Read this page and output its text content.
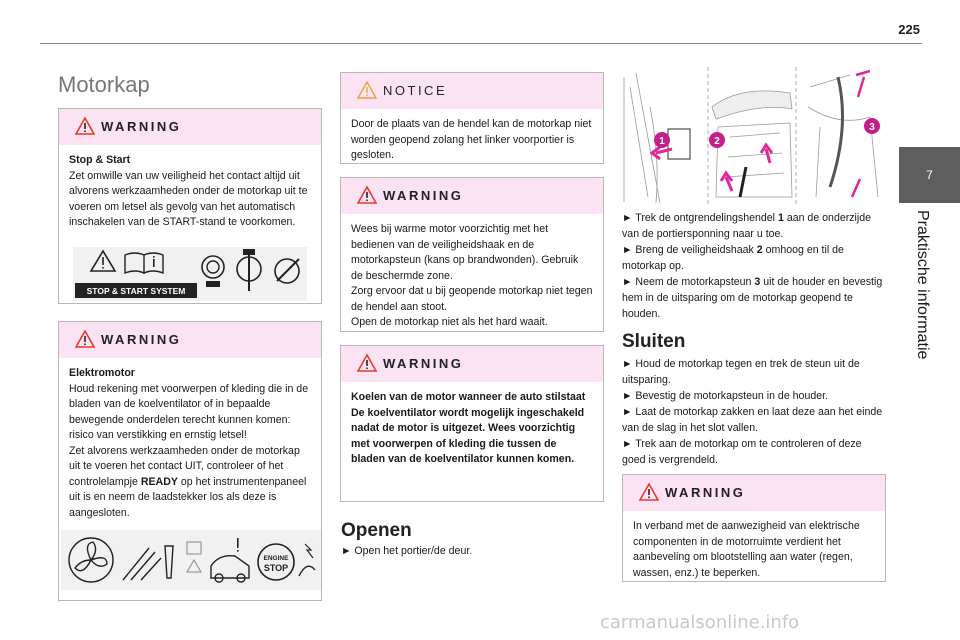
225
7
Praktische informatie
Motorkap
WARNING

Stop & Start

Zet omwille van uw veiligheid het contact altijd uit alvorens werkzaamheden onder de motorkap uit te voeren om letsel als gevolg van het automatisch inschakelen van de START-stand te voorkomen.

STOP & START SYSTEM
WARNING

Elektromotor

Houd rekening met voorwerpen of kleding die in de bladen van de koelventilator of in bepaalde bewegende onderdelen terecht kunnen komen: risico van verstikking en ernstig letsel!
Zet alvorens werkzaamheden onder de motorkap uit te voeren het contact UIT, controleer of het controlelampje READY op het instrumentenpaneel uit is en neem de laadstekker los als deze is aangesloten.

ENGINE
STOP
NOTICE

Door de plaats van de hendel kan de motorkap niet worden geopend zolang het linker voorportier is gesloten.

WARNING

Wees bij warme motor voorzichtig met het bedienen van de veiligheidshaak en de motorkapsteun (kans op brandwonden). Gebruik de beschermde zone.
Zorg ervoor dat u bij geopende motorkap niet tegen de hendel aan stoot.
Open de motorkap niet als het hard waait.

WARNING

Koelen van de motor wanneer de auto stilstaat
De koelventilator wordt mogelijk ingeschakeld nadat de motor is uitgezet. Wees voorzichtig met voorwerpen of kleding die tussen de bladen van de koelventilator kunnen komen.

Openen

► Open het portier/de deur.

1	2
3

► Trek de ontgrendelingshendel 1 aan de onderzijde van de portiersponning naar u toe.

► Breng de veiligheidshaak 2 omhoog en til de motorkap op.

► Neem de motorkapsteun 3 uit de houder en bevestig hem in de uitsparing om de motorkap geopend te houden.

Sluiten

► Houd de motorkap tegen en trek de steun uit de uitsparing.

► Bevestig de motorkapsteun in de houder.

► Laat de motorkap zakken en laat deze aan het einde van de slag in het slot vallen.

► Trek aan de motorkap om te controleren of deze goed is vergrendeld.

WARNING

In verband met de aanwezigheid van elektrische componenten in de motorruimte verdient het aanbeveling om blootstelling aan water (regen, wassen, enz.) te beperken.

carmanualsonline.info
